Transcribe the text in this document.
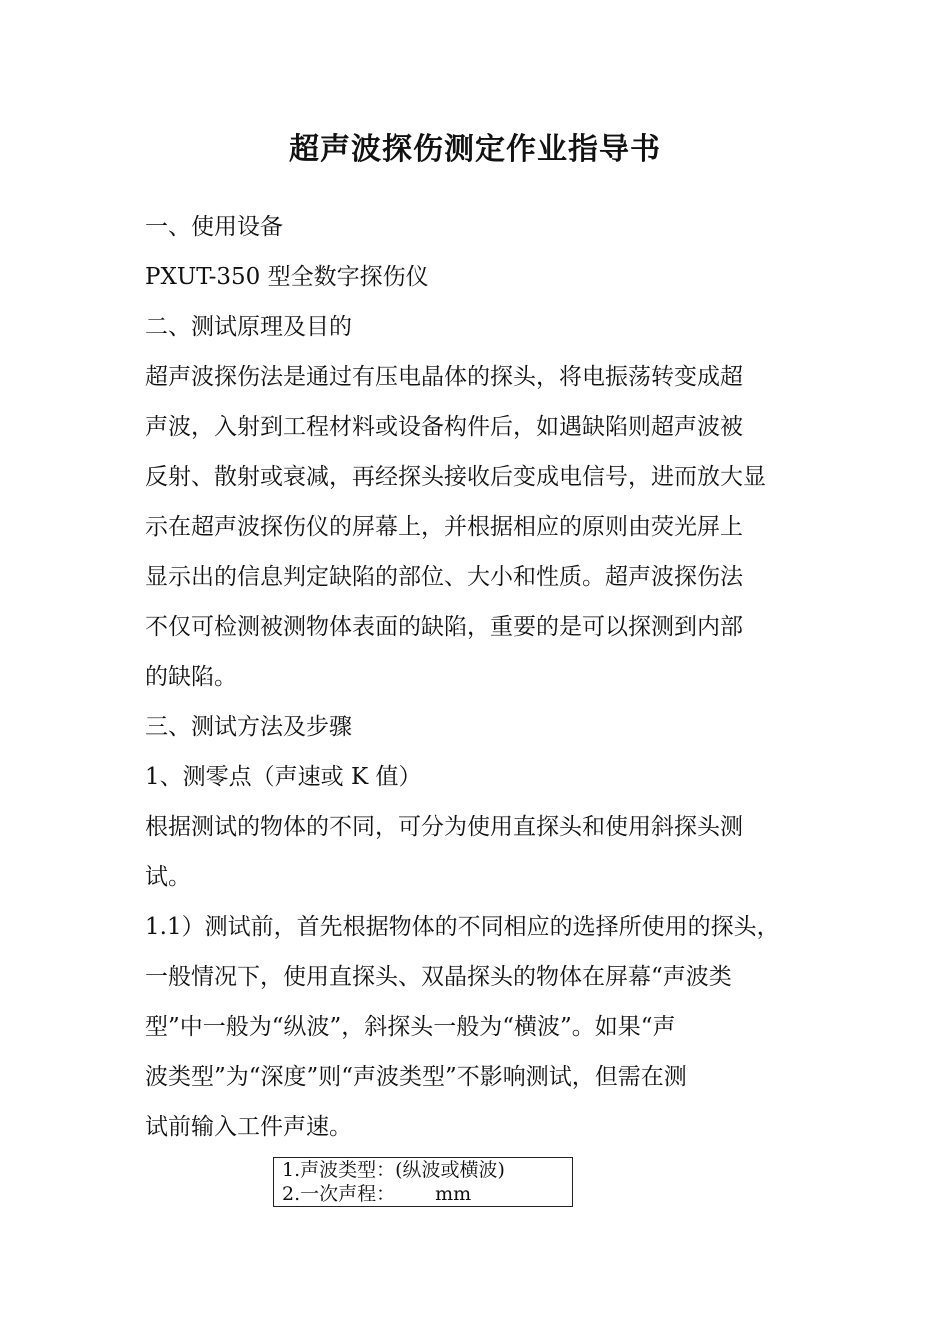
超声波探伤测定作业指导书

一、使用设备

PXUT-350 型全数字探伤仪

二、测试原理及目的

超声波探伤法是通过有压电晶体的探头，将电振荡转变成超

声波，入射到工程材料或设备构件后，如遇缺陷则超声波被

反射、散射或衰减，再经探头接收后变成电信号，进而放大显

示在超声波探伤仪的屏幕上，并根据相应的原则由荧光屏上

显示出的信息判定缺陷的部位、大小和性质。超声波探伤法

不仅可检测被测物体表面的缺陷，重要的是可以探测到内部

的缺陷。

三、测试方法及步骤

1、测零点（声速或 K 值）

根据测试的物体的不同，可分为使用直探头和使用斜探头测

试。

1.1）测试前，首先根据物体的不同相应的选择所使用的探头，

一般情况下，使用直探头、双晶探头的物体在屏幕“声波类

型”中一般为“纵波”，斜探头一般为“横波”。如果“声

波类型”为“深度”则“声波类型”不影响测试，但需在测

试前输入工件声速。

1.声波类型：(纵波或横波)
2.一次声程： mm
